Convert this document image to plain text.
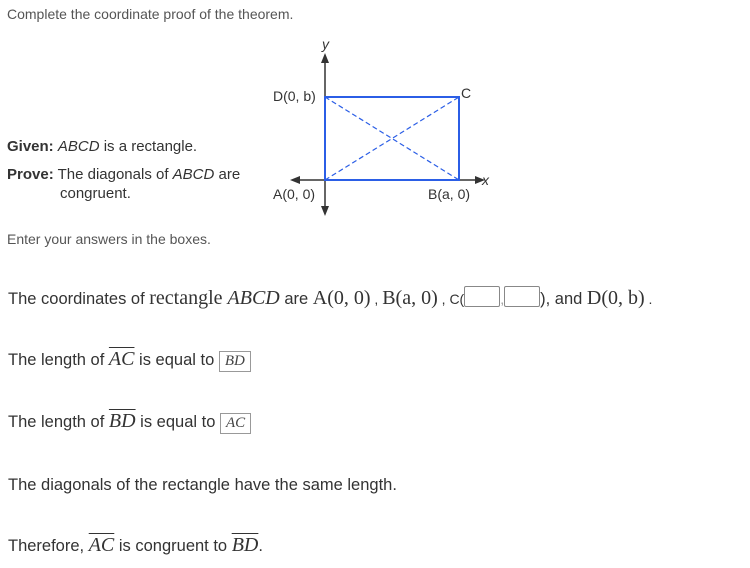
Complete the coordinate proof of the theorem.
Given: ABCD is a rectangle.
Prove: The diagonals of ABCD are
congruent.
y
x
D(0, b)	C
A(0, 0)	B(a, 0)
Enter your answers in the boxes.
The coordinates of rectangle ABCD are A(0, 0) , B(a, 0) , C(	, ), and D(0, b) .
The length of $\overline{AC}$ is equal to BD
The length of $\overline{BD}$ is equal to AC
The diagonals of the rectangle have the same length.
Therefore, $\overline{AC}$ is congruent to $\overline{BD}$.
